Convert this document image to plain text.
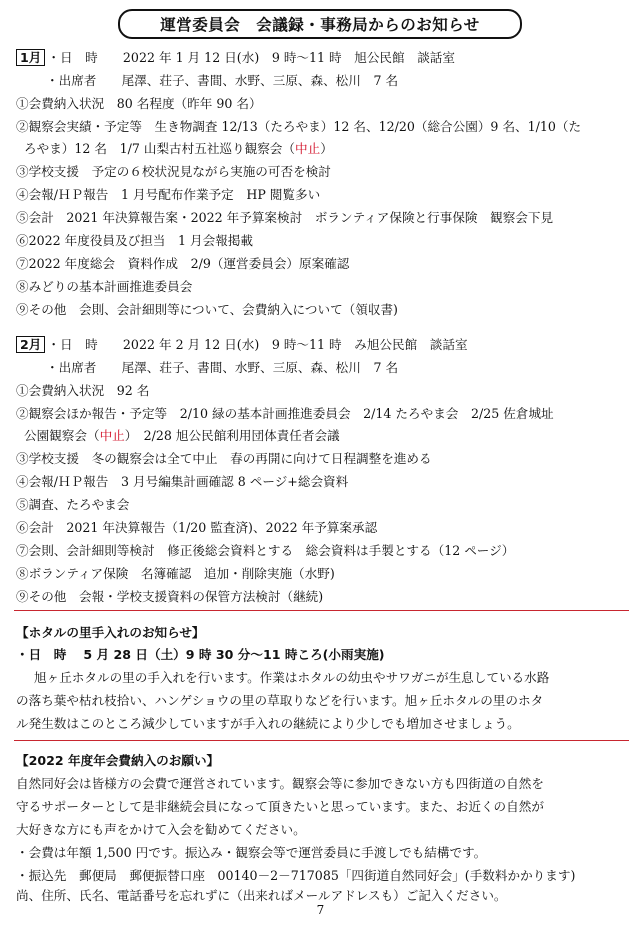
運営委員会　会議録・事務局からのお知らせ
1月 ・日　時　　2022 年 1 月 12 日(水)　9 時～11 時　旭公民館　談話室
・出席者　　尾澤、荘子、書間、水野、三原、森、松川　7 名
①会費納入状況　80 名程度（昨年 90 名）
②観察会実績・予定等　生き物調査 12/13（たろやま）12 名、12/20（総合公園）9 名、1/10（た
ろやま）12 名　1/7 山梨古村五社巡り観察会（中止）
③学校支援　予定の６校状況見ながら実施の可否を検討
④会報/ＨＰ報告　1 月号配布作業予定　HP 閲覧多い
⑤会計　2021 年決算報告案・2022 年予算案検討　ボランティア保険と行事保険　観察会下見
⑥2022 年度役員及び担当　1 月会報掲載
⑦2022 年度総会　資料作成　2/9（運営委員会）原案確認
⑧みどりの基本計画推進委員会
⑨その他　会則、会計細則等について、会費納入について（領収書)
2月 ・日　時　　2022 年 2 月 12 日(水)　9 時～11 時　み旭公民館　談話室
・出席者　　尾澤、荘子、書間、水野、三原、森、松川　7 名
①会費納入状況　92 名
②観察会ほか報告・予定等　2/10 緑の基本計画推進委員会　2/14 たろやま会　2/25 佐倉城址
公園観察会（中止）　2/28 旭公民館利用団体責任者会議
③学校支援　冬の観察会は全て中止　春の再開に向けて日程調整を進める
④会報/ＨＰ報告　3 月号編集計画確認 8 ページ+総会資料
⑤調査、たろやま会
⑥会計　2021 年決算報告（1/20 監査済)、2022 年予算案承認
⑦会則、会計細則等検討　修正後総会資料とする　総会資料は手製とする（12 ページ）
⑧ボランティア保険　名簿確認　追加・削除実施（水野)
⑨その他　会報・学校支援資料の保管方法検討（継続)
【ホタルの里手入れのお知らせ】
・日　時　 5 月 28 日（土）9 時 30 分～11 時ころ(小雨実施)
旭ヶ丘ホタルの里の手入れを行います。作業はホタルの幼虫やサワガニが生息している水路
の落ち葉や枯れ枝拾い、ハンゲショウの里の草取りなどを行います。旭ヶ丘ホタルの里のホタ
ル発生数はこのところ減少していますが手入れの継続により少しでも増加させましょう。
【2022 年度年会費納入のお願い】
自然同好会は皆様方の会費で運営されています。観察会等に参加できない方も四街道の自然を
守るサポーターとして是非継続会員になって頂きたいと思っています。また、お近くの自然が
大好きな方にも声をかけて入会を勧めてください。
・会費は年額 1,500 円です。振込み・観察会等で運営委員に手渡しでも結構です。
・振込先　郵便局　郵便振替口座　00140－2－717085「四街道自然同好会」(手数料かかります)
尚、住所、氏名、電話番号を忘れずに（出来ればメールアドレスも）ご記入ください。
7
